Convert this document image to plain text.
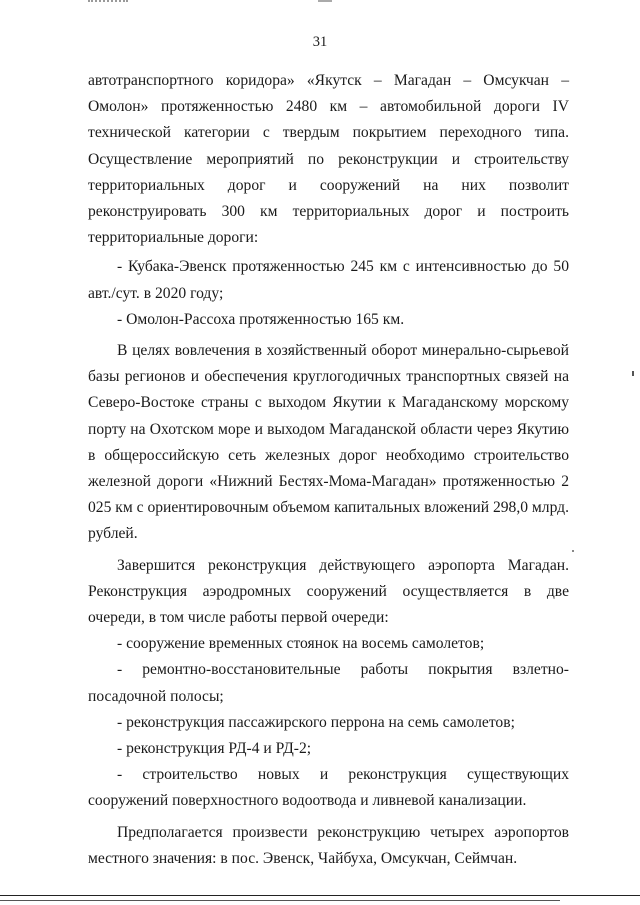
31

автотранспортного коридора» «Якутск – Магадан – Омсукчан – Омолон» протяженностью 2480 км – автомобильной дороги IV технической категории с твердым покрытием переходного типа. Осуществление мероприятий по реконструкции и строительству территориальных дорог и сооружений на них позволит реконструировать 300 км территориальных дорог и построить территориальные дороги:

- Кубака-Эвенск протяженностью 245 км с интенсивностью до 50 авт./сут. в 2020 году;

- Омолон-Рассоха протяженностью 165 км.

В целях вовлечения в хозяйственный оборот минерально-сырьевой базы регионов и обеспечения круглогодичных транспортных связей на Северо-Востоке страны с выходом Якутии к Магаданскому морскому порту на Охотском море и выходом Магаданской области через Якутию в общероссийскую сеть железных дорог необходимо строительство железной дороги «Нижний Бестях-Мома-Магадан» протяженностью 2 025 км с ориентировочным объемом капитальных вложений 298,0 млрд. рублей.

Завершится реконструкция действующего аэропорта Магадан. Реконструкция аэродромных сооружений осуществляется в две очереди, в том числе работы первой очереди:

- сооружение временных стоянок на восемь самолетов;

- ремонтно-восстановительные работы покрытия взлетно-посадочной полосы;

- реконструкция пассажирского перрона на семь самолетов;

- реконструкция РД-4 и РД-2;

- строительство новых и реконструкция существующих сооружений поверхностного водоотвода и ливневой канализации.

Предполагается произвести реконструкцию четырех аэропортов местного значения: в пос. Эвенск, Чайбуха, Омсукчан, Сеймчан.
